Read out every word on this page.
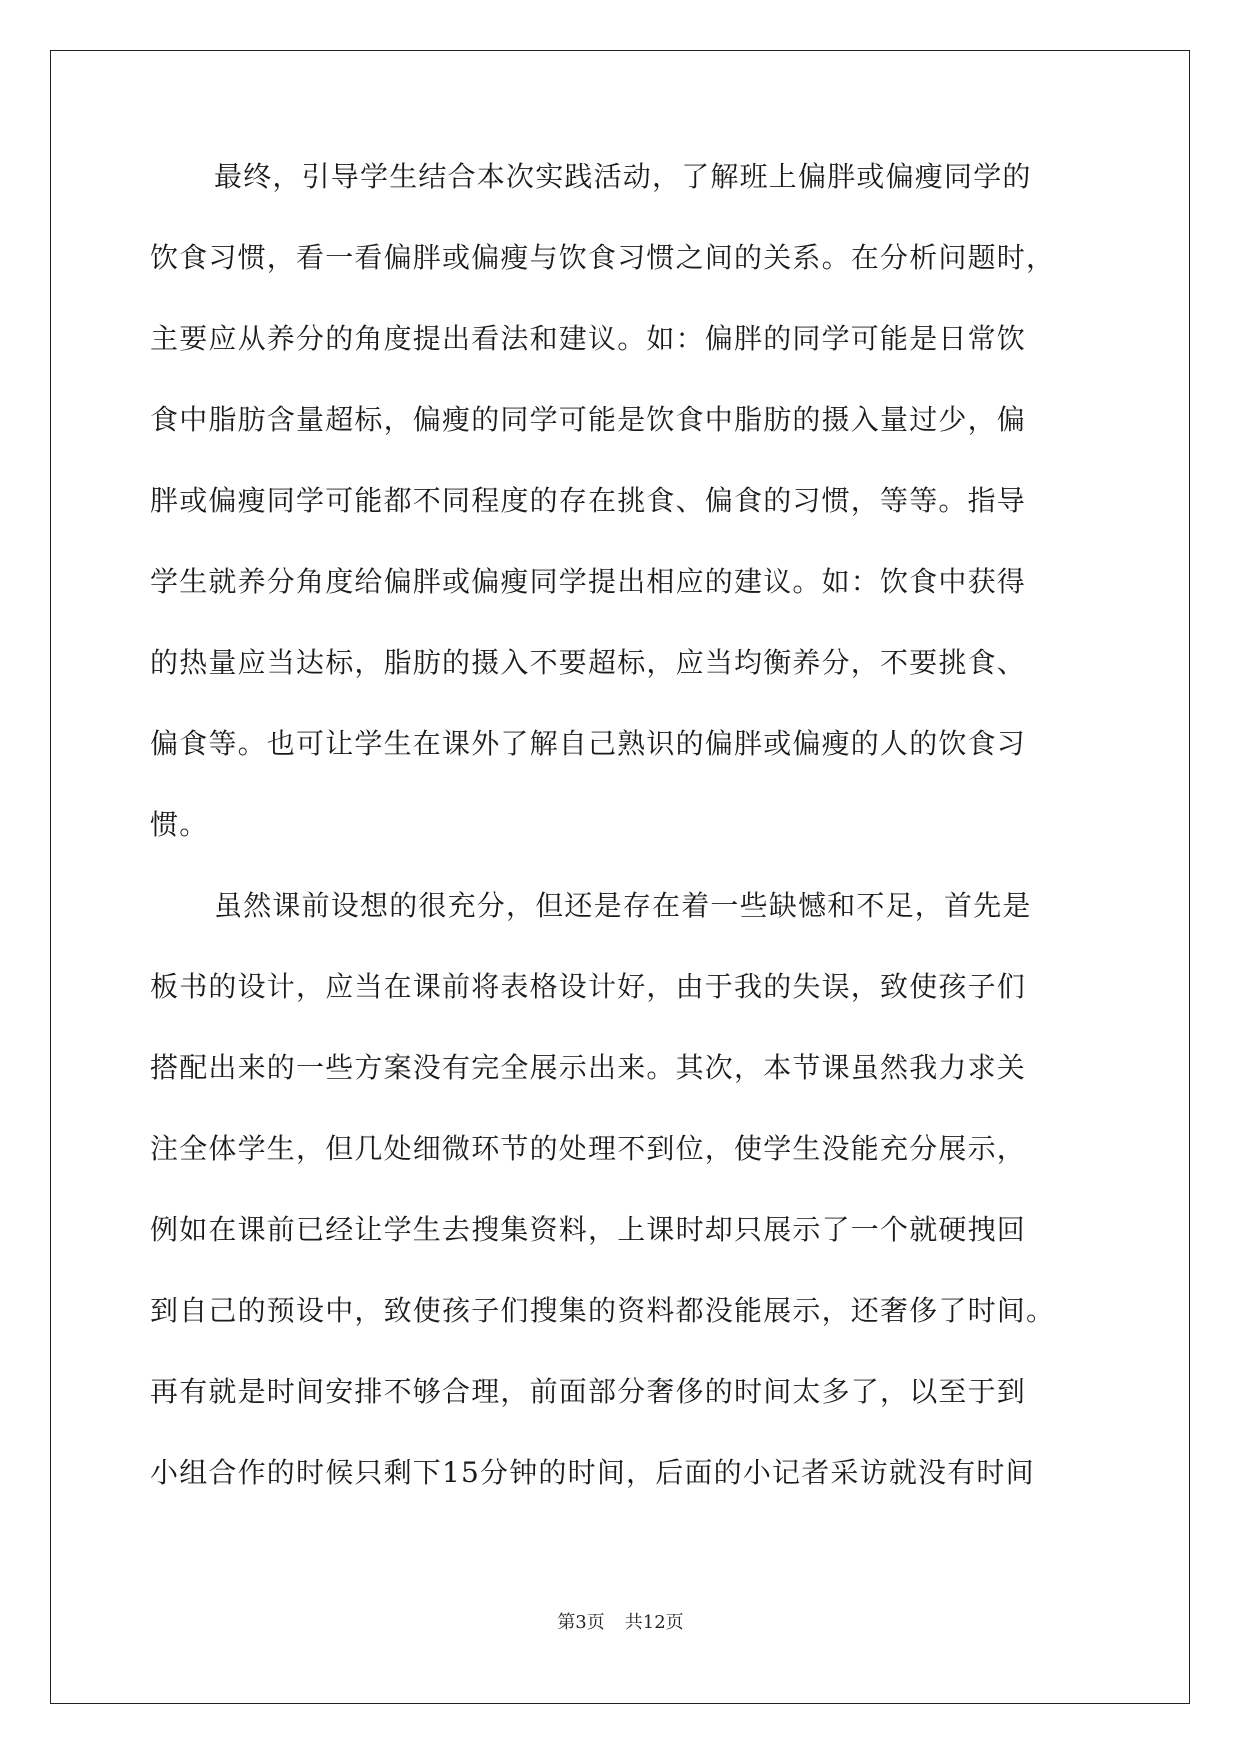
最终，引导学生结合本次实践活动，了解班上偏胖或偏瘦同学的
饮食习惯，看一看偏胖或偏瘦与饮食习惯之间的关系。在分析问题时，
主要应从养分的角度提出看法和建议。如：偏胖的同学可能是日常饮
食中脂肪含量超标，偏瘦的同学可能是饮食中脂肪的摄入量过少，偏
胖或偏瘦同学可能都不同程度的存在挑食、偏食的习惯，等等。指导
学生就养分角度给偏胖或偏瘦同学提出相应的建议。如：饮食中获得
的热量应当达标，脂肪的摄入不要超标，应当均衡养分，不要挑食、
偏食等。也可让学生在课外了解自己熟识的偏胖或偏瘦的人的饮食习
惯。
虽然课前设想的很充分，但还是存在着一些缺憾和不足，首先是
板书的设计，应当在课前将表格设计好，由于我的失误，致使孩子们
搭配出来的一些方案没有完全展示出来。其次，本节课虽然我力求关
注全体学生，但几处细微环节的处理不到位，使学生没能充分展示，
例如在课前已经让学生去搜集资料，上课时却只展示了一个就硬拽回
到自己的预设中，致使孩子们搜集的资料都没能展示，还奢侈了时间。
再有就是时间安排不够合理，前面部分奢侈的时间太多了，以至于到
小组合作的时候只剩下15分钟的时间，后面的小记者采访就没有时间
第3页 共12页
